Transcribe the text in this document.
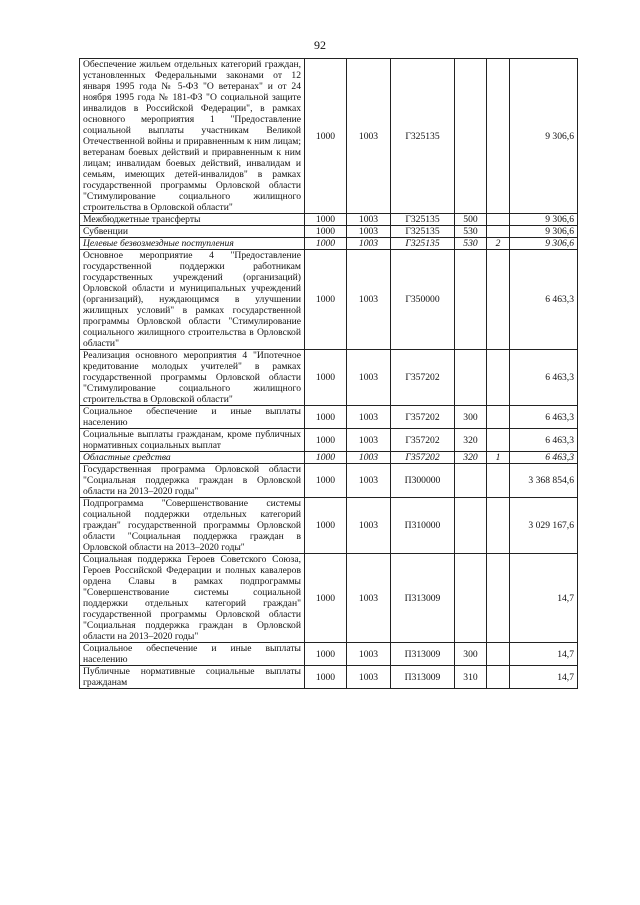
92
Обеспечение жильем отдельных категорий граждан, установленных Федеральными законами от 12 января 1995 года № 5-ФЗ "О ветеранах" и от 24 ноября 1995 года № 181-ФЗ "О социальной защите инвалидов в Российской Федерации", в рамках основного мероприятия 1 "Предоставление социальной выплаты участникам Великой Отечественной войны и приравненным к ним лицам; ветеранам боевых действий и приравненным к ним лицам; инвалидам боевых действий, инвалидам и семьям, имеющих детей-инвалидов" в рамках государственной программы Орловской области "Стимулирование социального жилищного строительства в Орловской области"	1000	1003	Г325135			9 306,6
Межбюджетные трансферты	1000	1003	Г325135	500		9 306,6
Субвенции	1000	1003	Г325135	530		9 306,6
Целевые безвозмездные поступления	1000	1003	Г325135	530	2	9 306,6
Основное мероприятие 4 "Предоставление государственной поддержки работникам государственных учреждений (организаций) Орловской области и муниципальных учреждений (организаций), нуждающимся в улучшении жилищных условий" в рамках государственной программы Орловской области "Стимулирование социального жилищного строительства в Орловской области"	1000	1003	Г350000			6 463,3
Реализация основного мероприятия 4 "Ипотечное кредитование молодых учителей" в рамках государственной программы Орловской области "Стимулирование социального жилищного строительства в Орловской области"	1000	1003	Г357202			6 463,3
Социальное обеспечение и иные выплаты населению	1000	1003	Г357202	300		6 463,3
Социальные выплаты гражданам, кроме публичных нормативных социальных выплат	1000	1003	Г357202	320		6 463,3
Областные средства	1000	1003	Г357202	320	1	6 463,3
Государственная программа Орловской области "Социальная поддержка граждан в Орловской области на 2013–2020 годы"	1000	1003	П300000			3 368 854,6
Подпрограмма "Совершенствование системы социальной поддержки отдельных категорий граждан" государственной программы Орловской области "Социальная поддержка граждан в Орловской области на 2013–2020 годы"	1000	1003	П310000			3 029 167,6
Социальная поддержка Героев Советского Союза, Героев Российской Федерации и полных кавалеров ордена Славы в рамках подпрограммы "Совершенствование системы социальной поддержки отдельных категорий граждан" государственной программы Орловской области "Социальная поддержка граждан в Орловской области на 2013–2020 годы"	1000	1003	П313009			14,7
Социальное обеспечение и иные выплаты населению	1000	1003	П313009	300		14,7
Публичные нормативные социальные выплаты гражданам	1000	1003	П313009	310		14,7
